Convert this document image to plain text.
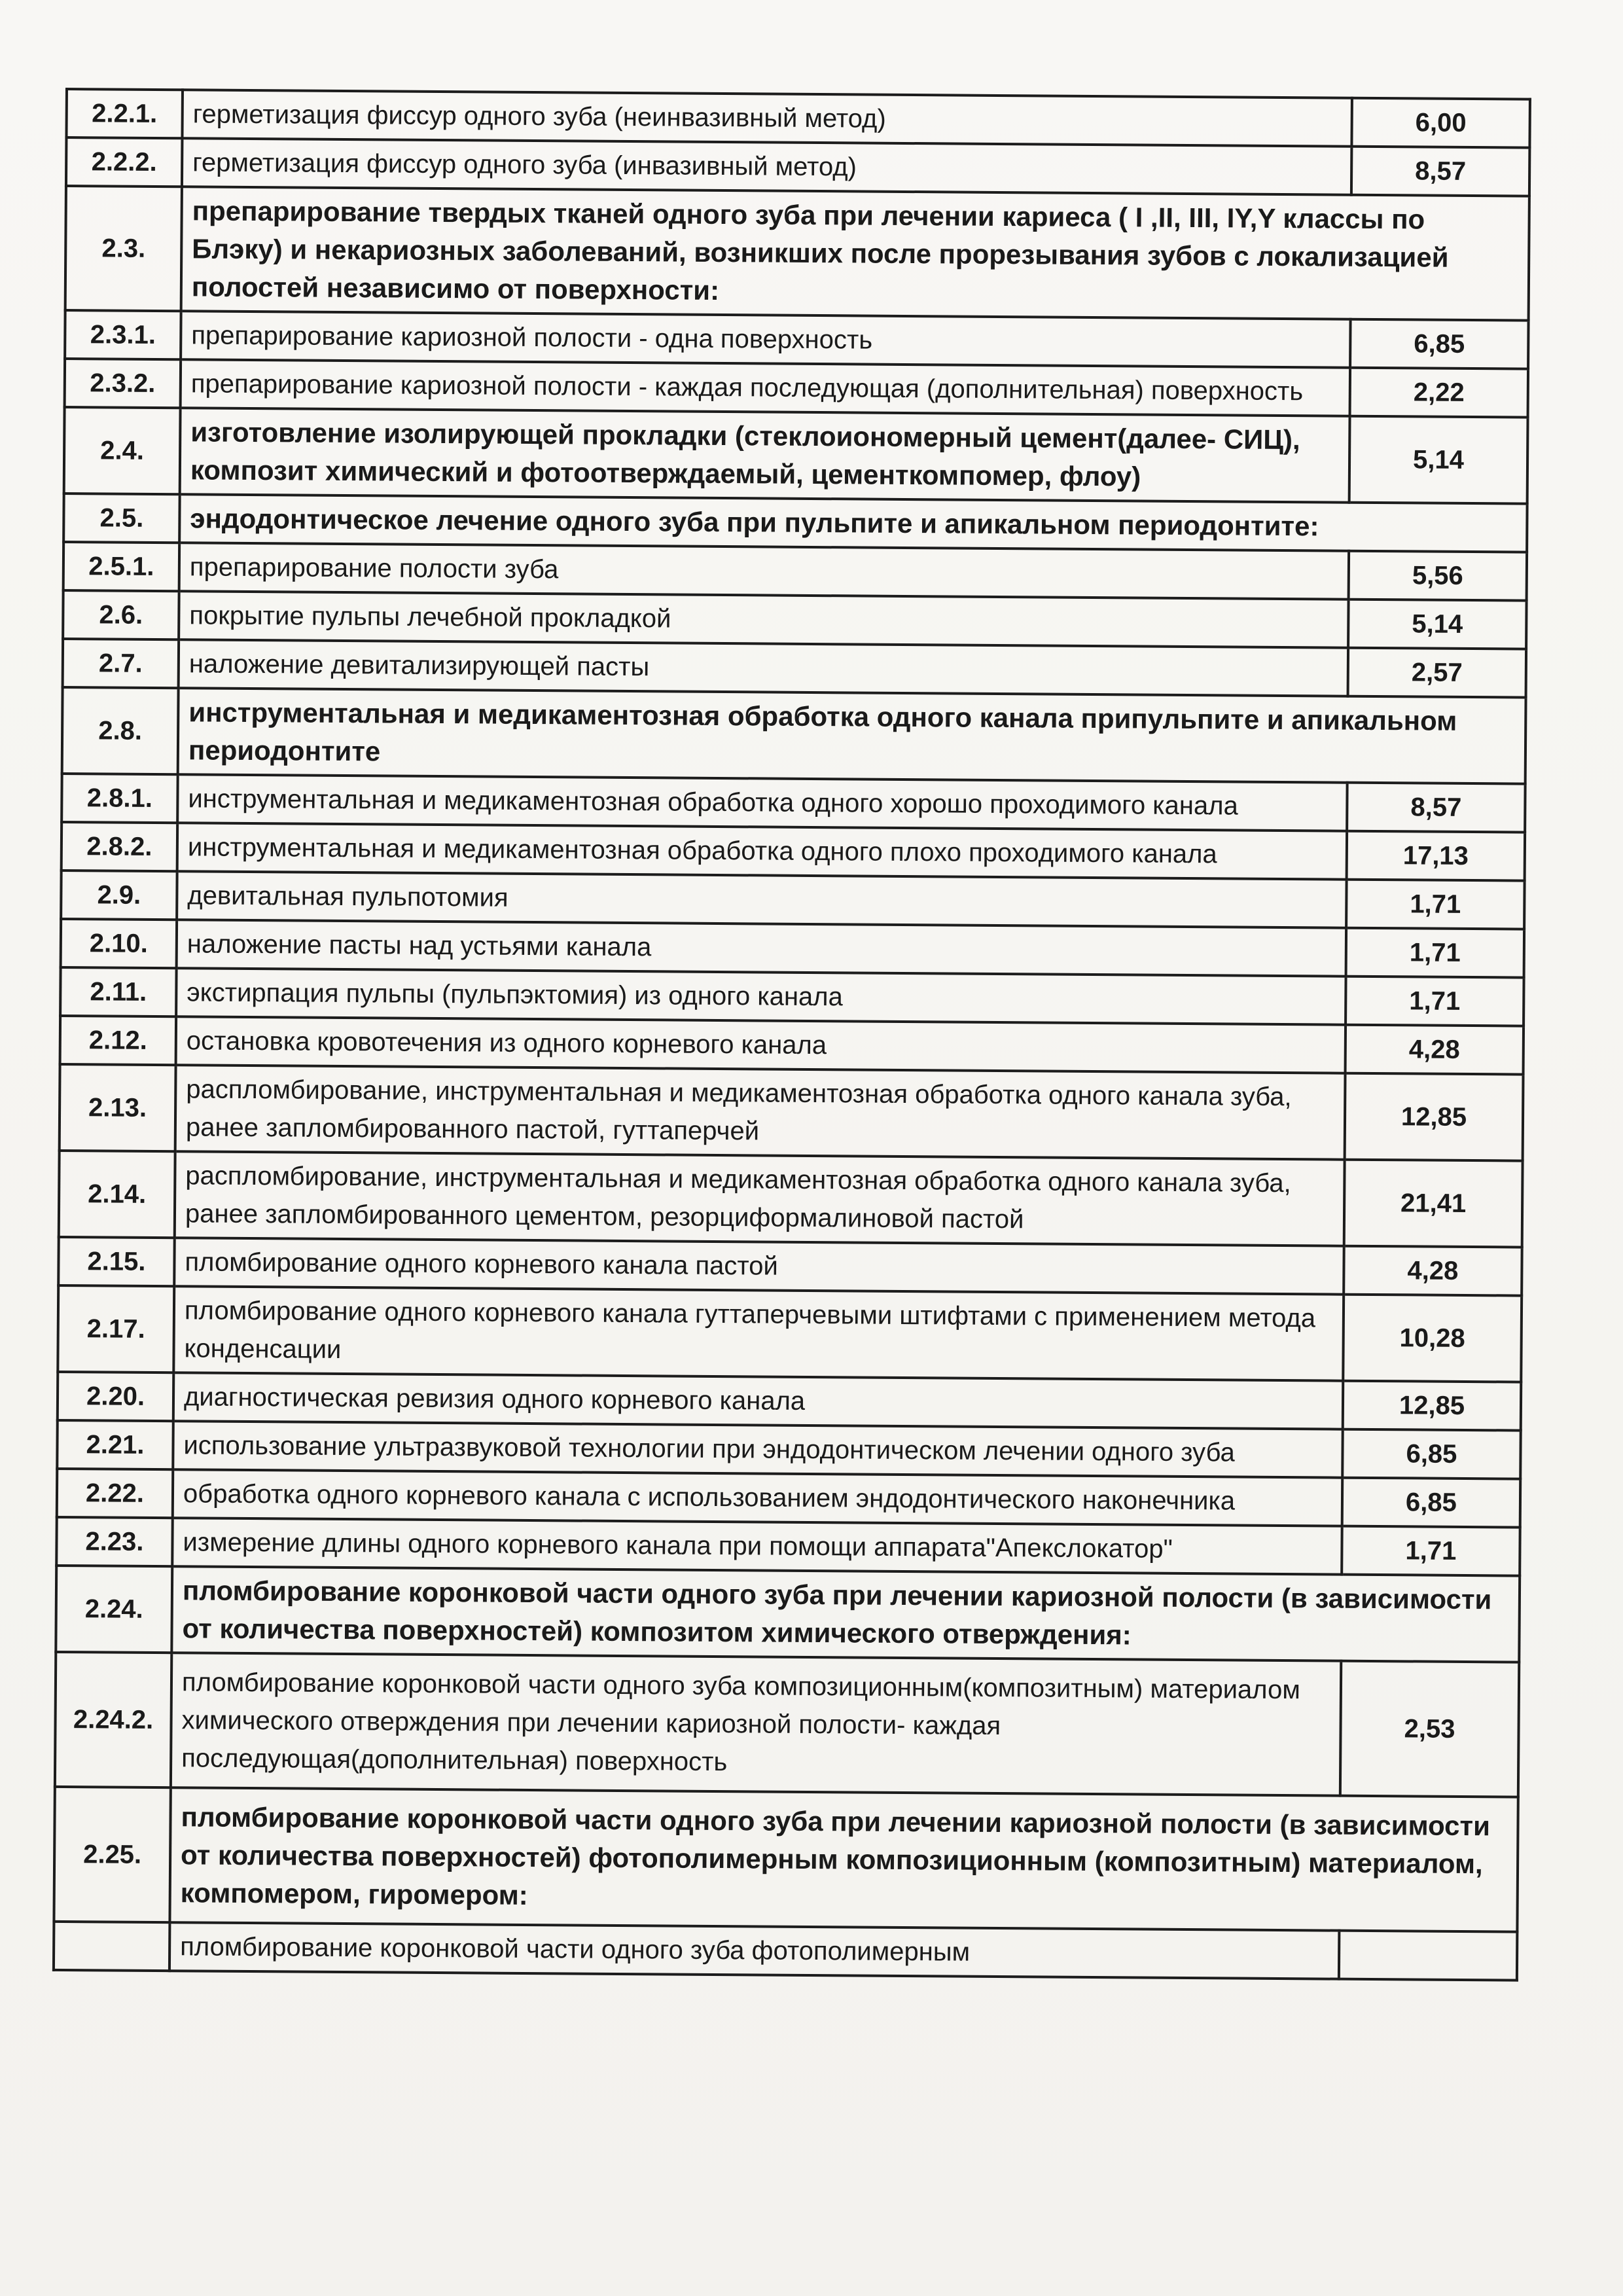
2.2.1.	герметизация фиссур одного зуба (неинвазивный метод)	6,00
2.2.2.	герметизация фиссур одного зуба (инвазивный метод)	8,57
2.3.	препарирование твердых тканей одного зуба при лечении кариеса ( I ,II, III, IY,Y классы по Блэку) и некариозных заболеваний, возникших после прорезывания зубов с локализацией полостей независимо от поверхности:	
2.3.1.	препарирование кариозной полости - одна поверхность	6,85
2.3.2.	препарирование кариозной полости - каждая последующая (дополнительная) поверхность	2,22
2.4.	изготовление изолирующей прокладки (стеклоиономерный цемент(далее- СИЦ), композит химический и фотоотверждаемый, цементкомпомер, флоу)	5,14
2.5.	эндодонтическое лечение одного зуба при пульпите и апикальном периодонтите:	
2.5.1.	препарирование полости зуба	5,56
2.6.	покрытие пульпы лечебной прокладкой	5,14
2.7.	наложение девитализирующей пасты	2,57
2.8.	инструментальная и медикаментозная обработка одного канала припульпите и апикальном периодонтите	
2.8.1.	инструментальная и медикаментозная обработка одного хорошо проходимого канала	8,57
2.8.2.	инструментальная и медикаментозная обработка одного плохо проходимого канала	17,13
2.9.	девитальная пульпотомия	1,71
2.10.	наложение пасты над устьями канала	1,71
2.11.	экстирпация пульпы (пульпэктомия) из одного канала	1,71
2.12.	остановка кровотечения из одного корневого канала	4,28
2.13.	распломбирование, инструментальная и медикаментозная обработка одного канала зуба, ранее запломбированного пастой, гуттаперчей	12,85
2.14.	распломбирование, инструментальная и медикаментозная обработка одного канала зуба, ранее запломбированного цементом, резорциформалиновой пастой	21,41
2.15.	пломбирование одного корневого канала пастой	4,28
2.17.	пломбирование одного корневого канала гуттаперчевыми штифтами с применением метода конденсации	10,28
2.20.	диагностическая ревизия одного корневого канала	12,85
2.21.	использование ультразвуковой технологии при эндодонтическом лечении одного зуба	6,85
2.22.	обработка одного корневого канала с использованием эндодонтического наконечника	6,85
2.23.	измерение длины одного корневого канала при помощи аппарата"Апекслокатор"	1,71
2.24.	пломбирование коронковой части одного зуба при лечении кариозной полости (в зависимости от количества поверхностей) композитом химического отверждения:	
2.24.2.	пломбирование коронковой части одного зуба композиционным(композитным) материалом химического отверждения при лечении кариозной полости- каждая последующая(дополнительная) поверхность	2,53
2.25.	пломбирование коронковой части одного зуба при лечении кариозной полости (в зависимости от количества поверхностей) фотополимерным композиционным (композитным) материалом, компомером, гиромером:	
	пломбирование коронковой части одного зуба фотополимерным	
